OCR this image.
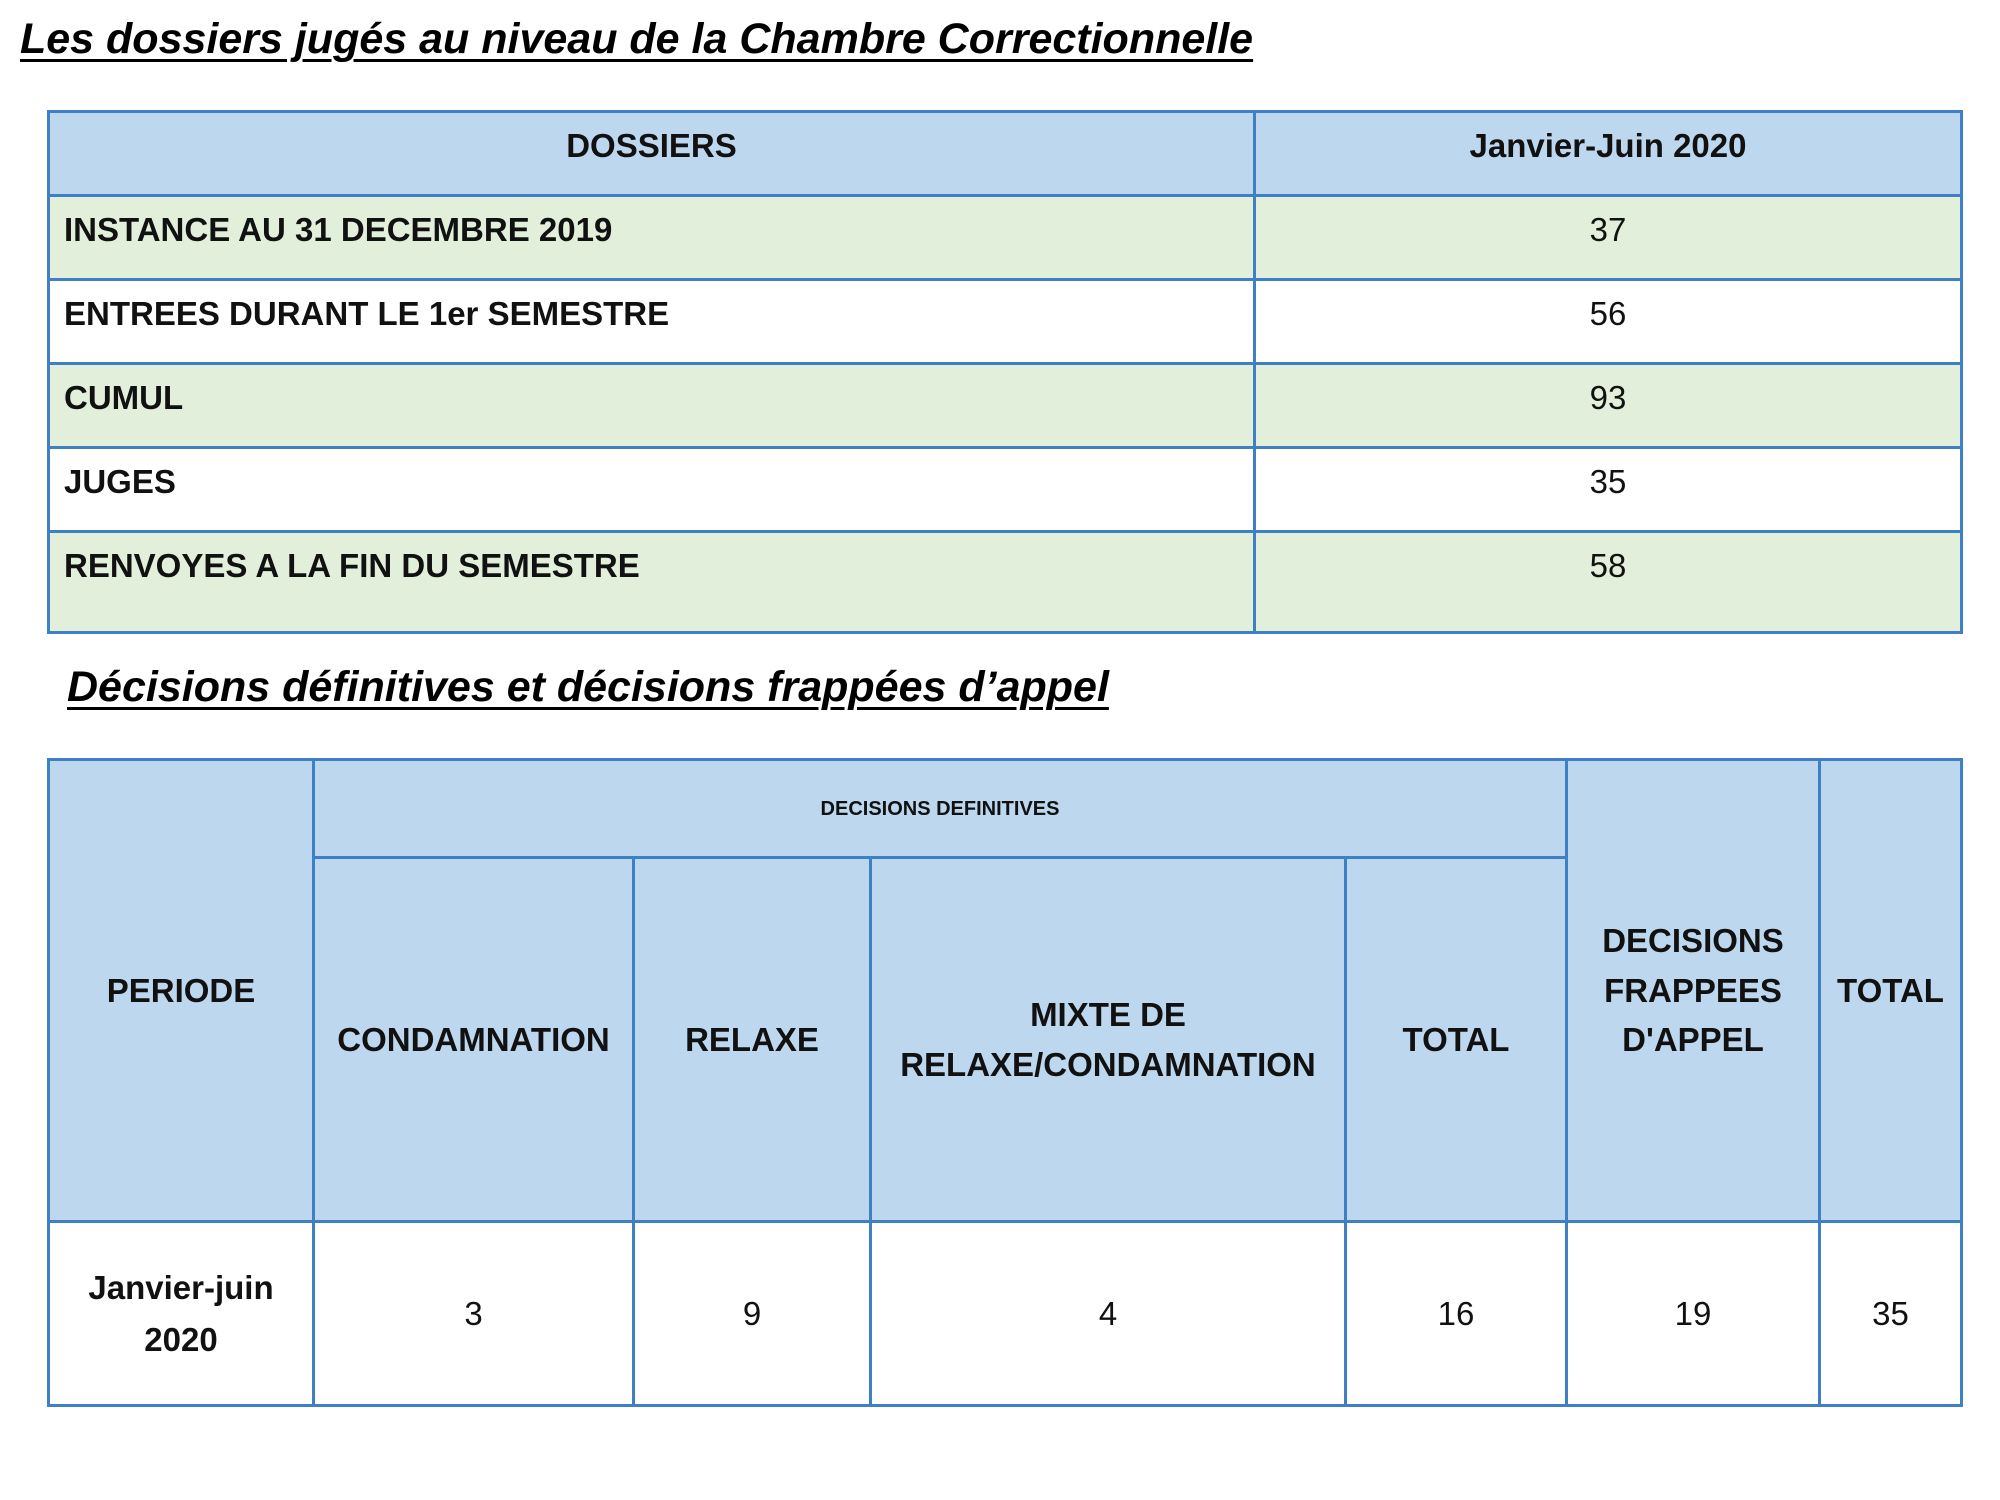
Les dossiers jugés au niveau de la Chambre Correctionnelle
DOSSIERS	Janvier-Juin 2020
INSTANCE AU 31 DECEMBRE 2019	37
ENTREES DURANT LE 1er SEMESTRE	56
CUMUL	93
JUGES	35
RENVOYES A LA FIN DU SEMESTRE	58
Décisions définitives et décisions frappées d’appel
PERIODE	DECISIONS DEFINITIVES				DECISIONS FRAPPEES D'APPEL	TOTAL
	CONDAMNATION	RELAXE	MIXTE DE RELAXE/CONDAMNATION	TOTAL		
Janvier-juin 2020	3	9	4	16	19	35
